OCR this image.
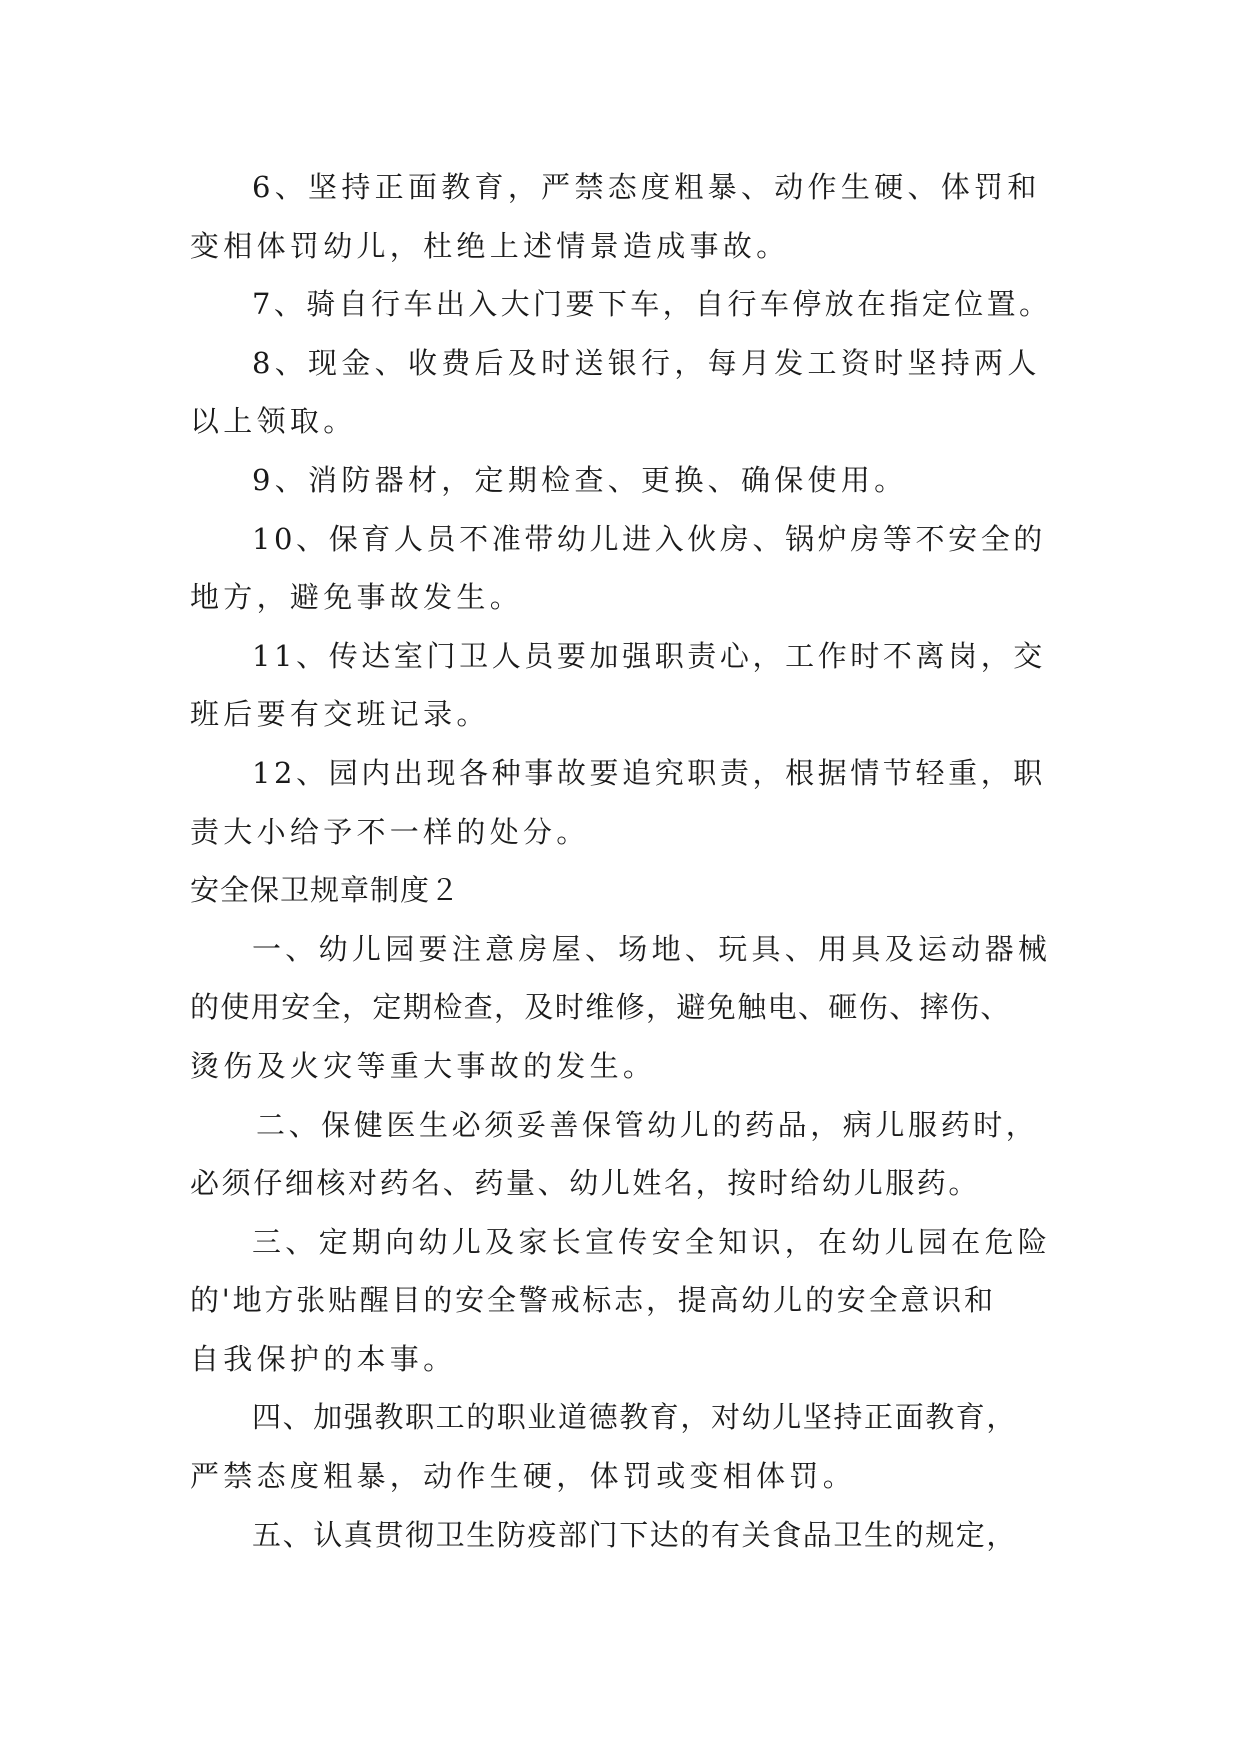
6、坚持正面教育，严禁态度粗暴、动作生硬、体罚和
变相体罚幼儿，杜绝上述情景造成事故。
7、骑自行车出入大门要下车，自行车停放在指定位置。
8、现金、收费后及时送银行，每月发工资时坚持两人
以上领取。
9、消防器材，定期检查、更换、确保使用。
10、保育人员不准带幼儿进入伙房、锅炉房等不安全的
地方，避免事故发生。
11、传达室门卫人员要加强职责心，工作时不离岗，交
班后要有交班记录。
12、园内出现各种事故要追究职责，根据情节轻重，职
责大小给予不一样的处分。
安全保卫规章制度２
一、幼儿园要注意房屋、场地、玩具、用具及运动器械
的使用安全，定期检查，及时维修，避免触电、砸伤、摔伤、
烫伤及火灾等重大事故的发生。
二、保健医生必须妥善保管幼儿的药品，病儿服药时，
必须仔细核对药名、药量、幼儿姓名，按时给幼儿服药。
三、定期向幼儿及家长宣传安全知识，在幼儿园在危险
的'地方张贴醒目的安全警戒标志，提高幼儿的安全意识和
自我保护的本事。
四、加强教职工的职业道德教育，对幼儿坚持正面教育，
严禁态度粗暴，动作生硬，体罚或变相体罚。
五、认真贯彻卫生防疫部门下达的有关食品卫生的规定，
